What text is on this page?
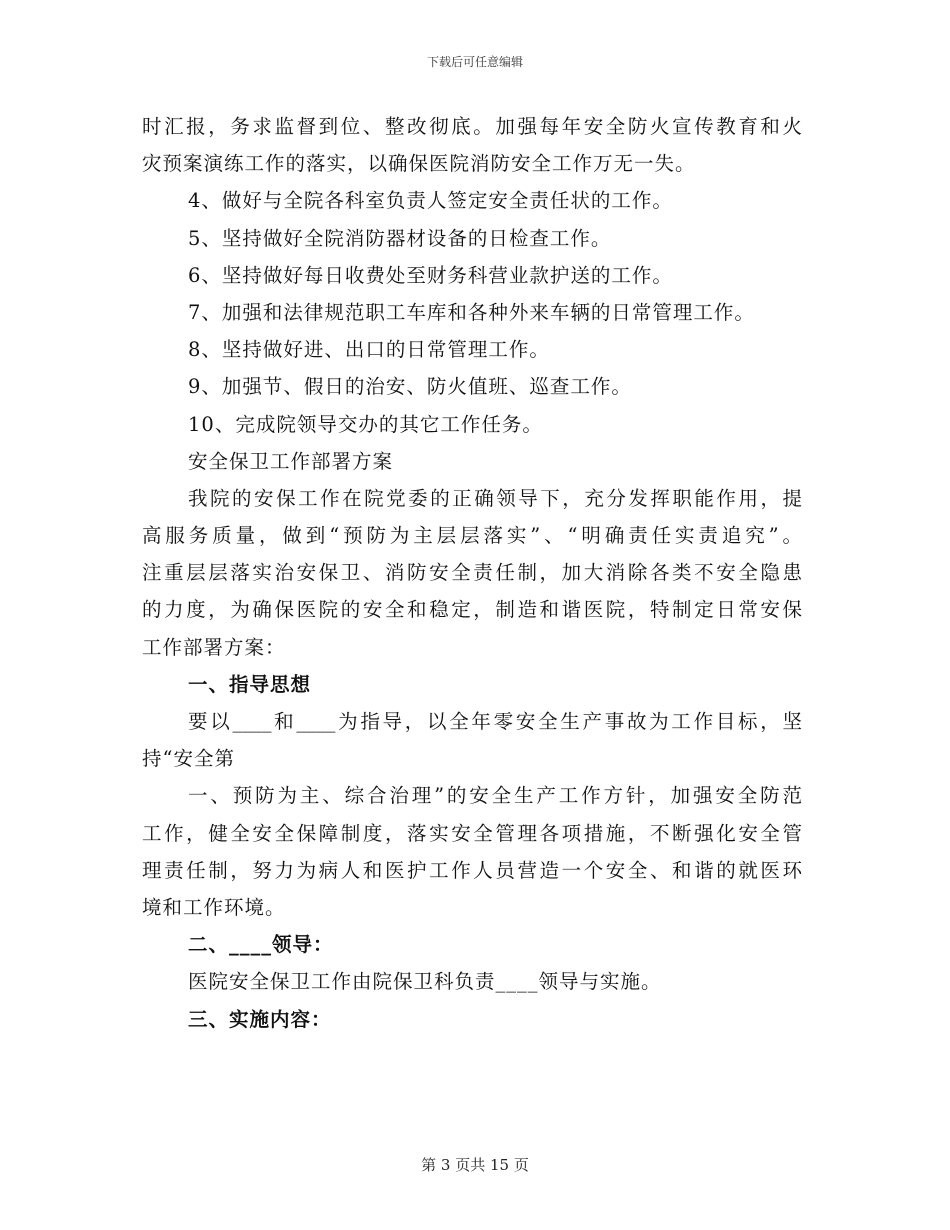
下载后可任意编辑
时汇报，务求监督到位、整改彻底。加强每年安全防火宣传教育和火
灾预案演练工作的落实，以确保医院消防安全工作万无一失。
4、做好与全院各科室负责人签定安全责任状的工作。
5、坚持做好全院消防器材设备的日检查工作。
6、坚持做好每日收费处至财务科营业款护送的工作。
7、加强和法律规范职工车库和各种外来车辆的日常管理工作。
8、坚持做好进、出口的日常管理工作。
9、加强节、假日的治安、防火值班、巡查工作。
10、完成院领导交办的其它工作任务。
安全保卫工作部署方案
我院的安保工作在院党委的正确领导下，充分发挥职能作用，提
高服务质量，做到“预防为主层层落实”、“明确责任实责追究”。
注重层层落实治安保卫、消防安全责任制，加大消除各类不安全隐患
的力度，为确保医院的安全和稳定，制造和谐医院，特制定日常安保
工作部署方案：
一、指导思想
要以____和____为指导，以全年零安全生产事故为工作目标，坚
持“安全第
一、预防为主、综合治理”的安全生产工作方针，加强安全防范
工作，健全安全保障制度，落实安全管理各项措施，不断强化安全管
理责任制，努力为病人和医护工作人员营造一个安全、和谐的就医环
境和工作环境。
二、____领导：
医院安全保卫工作由院保卫科负责____领导与实施。
三、实施内容：
第 3 页共 15 页
